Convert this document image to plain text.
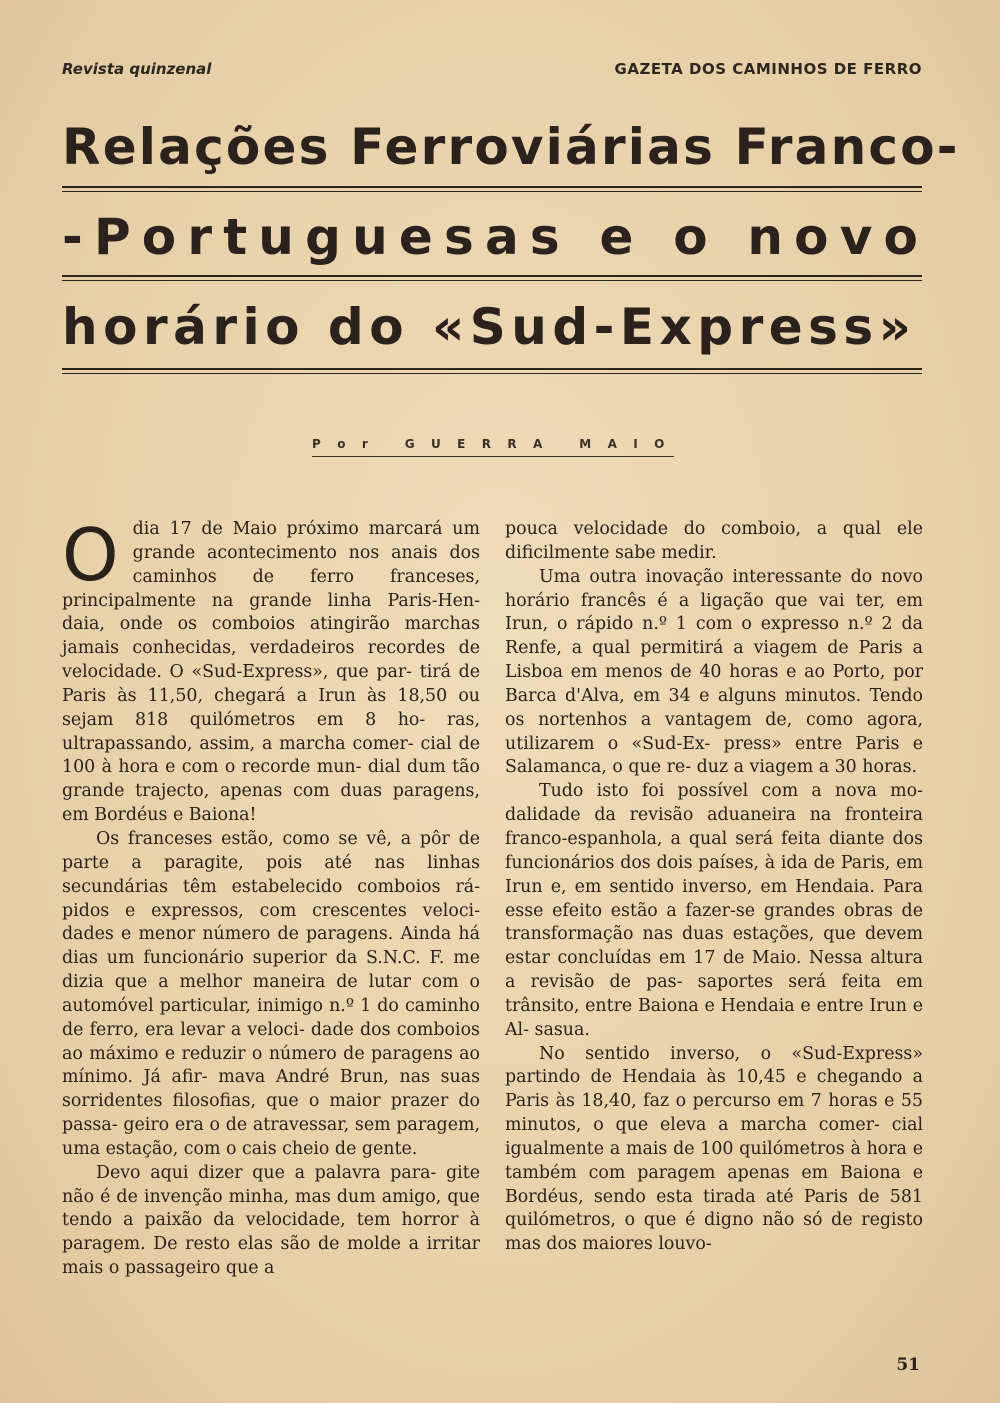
Revista quinzenal	GAZETA DOS CAMINHOS DE FERRO
Relações Ferroviárias Franco-
-Portuguesas e o novo
horário do «Sud-Express»
Por GUERRA MAIO

O dia 17 de Maio próximo marcará um grande acontecimento nos anais dos caminhos de ferro franceses, principalmente na grande linha Paris-Hen- daia, onde os comboios atingirão marchas jamais conhecidas, verdadeiros recordes de velocidade. O «Sud-Express», que par- tirá de Paris às 11,50, chegará a Irun às 18,50 ou sejam 818 quilómetros em 8 ho- ras, ultrapassando, assim, a marcha comer- cial de 100 à hora e com o recorde mun- dial dum tão grande trajecto, apenas com duas paragens, em Bordéus e Baiona!

Os franceses estão, como se vê, a pôr de parte a paragite, pois até nas linhas secundárias têm estabelecido comboios rá- pidos e expressos, com crescentes veloci- dades e menor número de paragens. Ainda há dias um funcionário superior da S.N.C. F. me dizia que a melhor maneira de lutar com o automóvel particular, inimigo n.º 1 do caminho de ferro, era levar a veloci- dade dos comboios ao máximo e reduzir o número de paragens ao mínimo. Já afir- mava André Brun, nas suas sorridentes filosofias, que o maior prazer do passa- geiro era o de atravessar, sem paragem, uma estação, com o cais cheio de gente.

Devo aqui dizer que a palavra para- gite não é de invenção minha, mas dum amigo, que tendo a paixão da velocidade, tem horror à paragem. De resto elas são de molde a irritar mais o passageiro que a

pouca velocidade do comboio, a qual ele dificilmente sabe medir.

Uma outra inovação interessante do novo horário francês é a ligação que vai ter, em Irun, o rápido n.º 1 com o expresso n.º 2 da Renfe, a qual permitirá a viagem de Paris a Lisboa em menos de 40 horas e ao Porto, por Barca d'Alva, em 34 e alguns minutos. Tendo os nortenhos a vantagem de, como agora, utilizarem o «Sud-Ex- press» entre Paris e Salamanca, o que re- duz a viagem a 30 horas.

Tudo isto foi possível com a nova mo- dalidade da revisão aduaneira na fronteira franco-espanhola, a qual será feita diante dos funcionários dos dois países, à ida de Paris, em Irun e, em sentido inverso, em Hendaia. Para esse efeito estão a fazer-se grandes obras de transformação nas duas estações, que devem estar concluídas em 17 de Maio. Nessa altura a revisão de pas- saportes será feita em trânsito, entre Baiona e Hendaia e entre Irun e Al- sasua.

No sentido inverso, o «Sud-Express» partindo de Hendaia às 10,45 e chegando a Paris às 18,40, faz o percurso em 7 horas e 55 minutos, o que eleva a marcha comer- cial igualmente a mais de 100 quilómetros à hora e também com paragem apenas em Baiona e Bordéus, sendo esta tirada até Paris de 581 quilómetros, o que é digno não só de registo mas dos maiores louvo-

51
